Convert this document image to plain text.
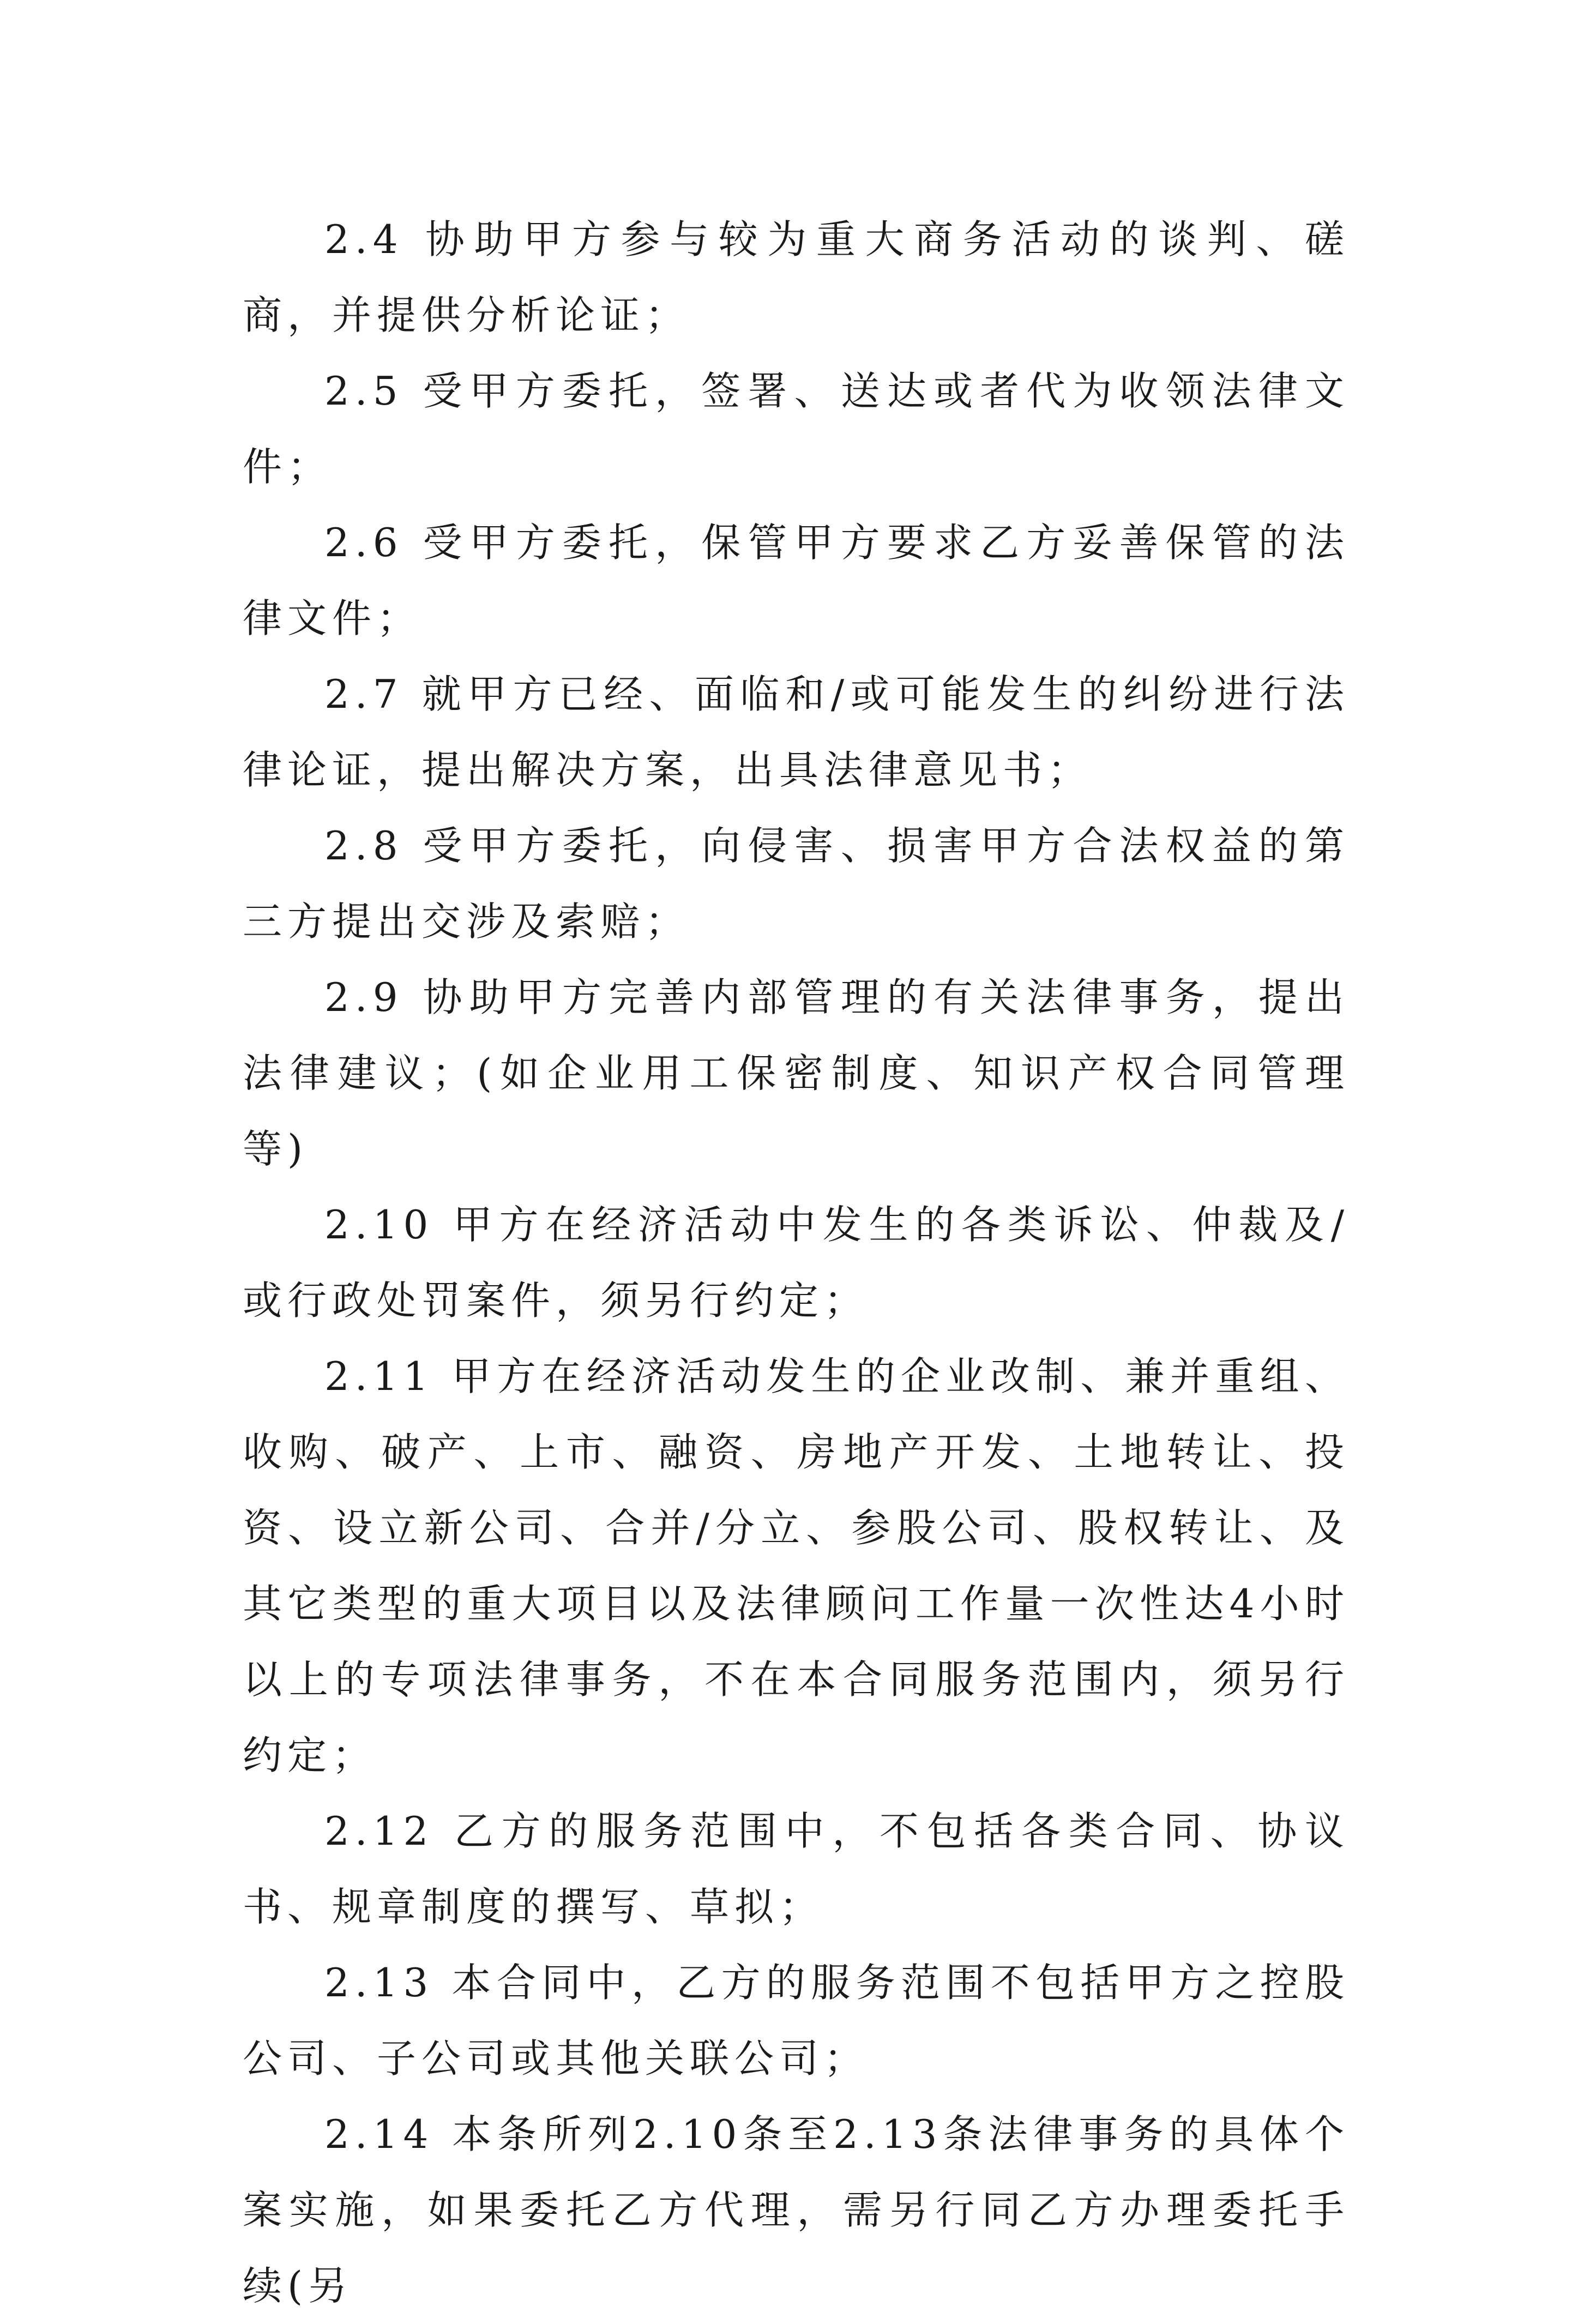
2.4 协助甲方参与较为重大商务活动的谈判、磋商，并提供分析论证；

2.5 受甲方委托，签署、送达或者代为收领法律文件；

2.6 受甲方委托，保管甲方要求乙方妥善保管的法律文件；

2.7 就甲方已经、面临和/或可能发生的纠纷进行法律论证，提出解决方案，出具法律意见书；

2.8 受甲方委托，向侵害、损害甲方合法权益的第三方提出交涉及索赔；

2.9 协助甲方完善内部管理的有关法律事务，提出法律建议；(如企业用工保密制度、知识产权合同管理等)

2.10 甲方在经济活动中发生的各类诉讼、仲裁及/或行政处罚案件，须另行约定；

2.11 甲方在经济活动发生的企业改制、兼并重组、收购、破产、上市、融资、房地产开发、土地转让、投资、设立新公司、合并/分立、参股公司、股权转让、及其它类型的重大项目以及法律顾问工作量一次性达4小时以上的专项法律事务，不在本合同服务范围内，须另行约定；

2.12 乙方的服务范围中，不包括各类合同、协议书、规章制度的撰写、草拟；

2.13 本合同中，乙方的服务范围不包括甲方之控股公司、子公司或其他关联公司；

2.14 本条所列2.10条至2.13条法律事务的具体个案实施，如果委托乙方代理，需另行同乙方办理委托手续(另
